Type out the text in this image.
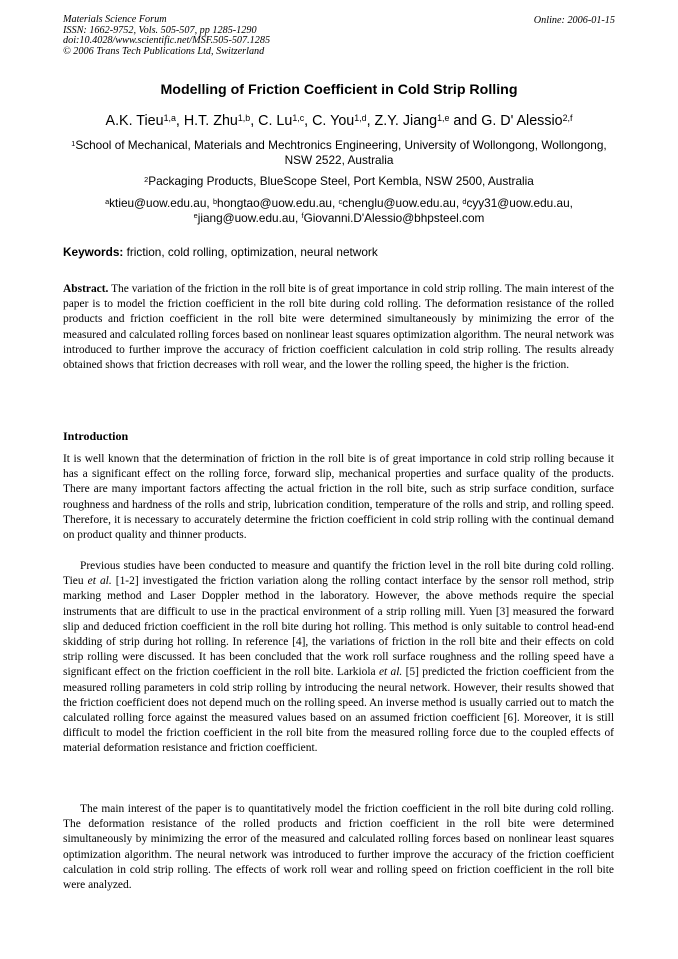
Materials Science Forum
ISSN: 1662-9752, Vols. 505-507, pp 1285-1290
doi:10.4028/www.scientific.net/MSF.505-507.1285
© 2006 Trans Tech Publications Ltd, Switzerland
Online: 2006-01-15
Modelling of Friction Coefficient in Cold Strip Rolling
A.K. Tieu$^{1,a}$, H.T. Zhu$^{1,b}$, C. Lu$^{1,c}$, C. You$^{1,d}$, Z.Y. Jiang$^{1,e}$ and G. D' Alessio$^{2,f}$
$^1$School of Mechanical, Materials and Mechtronics Engineering, University of Wollongong, Wollongong, NSW 2522, Australia
$^2$Packaging Products, BlueScope Steel, Port Kembla, NSW 2500, Australia
$^a$ktieu@uow.edu.au, $^b$hongtao@uow.edu.au, $^c$chenglu@uow.edu.au, $^d$cyy31@uow.edu.au, $^e$jiang@uow.edu.au, $^f$Giovanni.D'Alessio@bhpsteel.com
Keywords: friction, cold rolling, optimization, neural network
Abstract. The variation of the friction in the roll bite is of great importance in cold strip rolling. The main interest of the paper is to model the friction coefficient in the roll bite during cold rolling. The deformation resistance of the rolled products and friction coefficient in the roll bite were determined simultaneously by minimizing the error of the measured and calculated rolling forces based on nonlinear least squares optimization algorithm. The neural network was introduced to further improve the accuracy of friction coefficient calculation in cold strip rolling. The results already obtained shows that friction decreases with roll wear, and the lower the rolling speed, the higher is the friction.
Introduction
It is well known that the determination of friction in the roll bite is of great importance in cold strip rolling because it has a significant effect on the rolling force, forward slip, mechanical properties and surface quality of the products. There are many important factors affecting the actual friction in the roll bite, such as strip surface condition, surface roughness and hardness of the rolls and strip, lubrication condition, temperature of the rolls and strip, and rolling speed. Therefore, it is necessary to accurately determine the friction coefficient in cold strip rolling with the continual demand on product quality and thinner products.
Previous studies have been conducted to measure and quantify the friction level in the roll bite during cold rolling. Tieu et al. [1-2] investigated the friction variation along the rolling contact interface by the sensor roll method, strip marking method and Laser Doppler method in the laboratory. However, the above methods require the special instruments that are difficult to use in the practical environment of a strip rolling mill. Yuen [3] measured the forward slip and deduced friction coefficient in the roll bite during hot rolling. This method is only suitable to control head-end skidding of strip during hot rolling. In reference [4], the variations of friction in the roll bite and their effects on cold strip rolling were discussed. It has been concluded that the work roll surface roughness and the rolling speed have a significant effect on the friction coefficient in the roll bite. Larkiola et al. [5] predicted the friction coefficient from the measured rolling parameters in cold strip rolling by introducing the neural network. However, their results showed that the friction coefficient does not depend much on the rolling speed. An inverse method is usually carried out to match the calculated rolling force against the measured values based on an assumed friction coefficient [6]. Moreover, it is still difficult to model the friction coefficient in the roll bite from the measured rolling force due to the coupled effects of material deformation resistance and friction coefficient.
The main interest of the paper is to quantitatively model the friction coefficient in the roll bite during cold rolling. The deformation resistance of the rolled products and friction coefficient in the roll bite were determined simultaneously by minimizing the error of the measured and calculated rolling forces based on nonlinear least squares optimization algorithm. The neural network was introduced to further improve the accuracy of the friction coefficient calculation in cold strip rolling. The effects of work roll wear and rolling speed on friction coefficient in the roll bite were analyzed.
